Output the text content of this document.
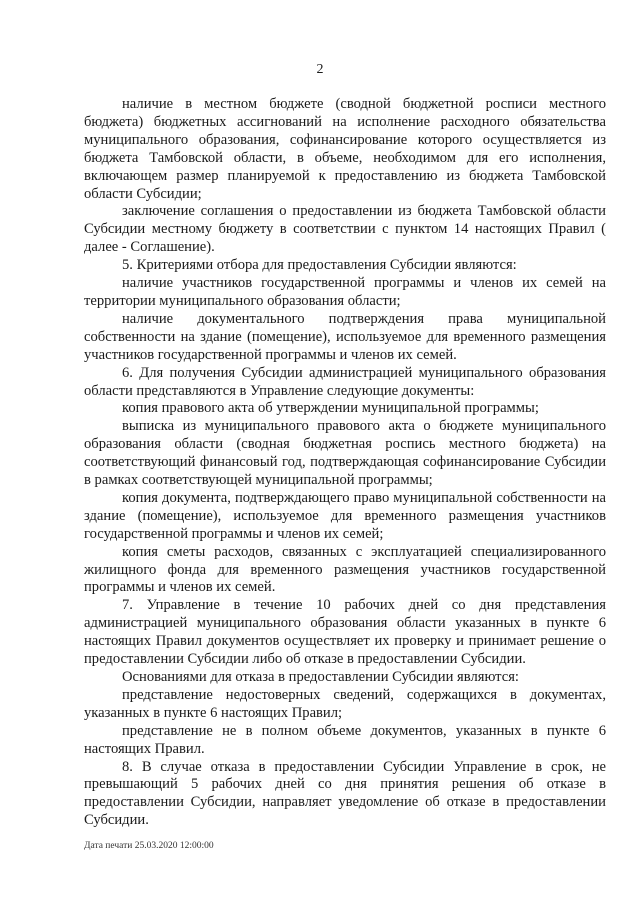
2

наличие в местном бюджете (сводной бюджетной росписи местного бюджета) бюджетных ассигнований на исполнение расходного обязательства муниципального образования, софинансирование которого осуществляется из бюджета Тамбовской области, в объеме, необходимом для его исполнения, включающем размер планируемой к предоставлению из бюджета Тамбовской области Субсидии;

заключение соглашения о предоставлении из бюджета Тамбовской области Субсидии местному бюджету в соответствии с пунктом 14 настоящих Правил ( далее - Соглашение).

5. Критериями отбора для предоставления Субсидии являются:

наличие участников государственной программы и членов их семей на территории муниципального образования области;

наличие документального подтверждения права муниципальной собственности на здание (помещение), используемое для временного размещения участников государственной программы и членов их семей.

6. Для получения Субсидии администрацией муниципального образования области представляются в Управление следующие документы:

копия правового акта об утверждении муниципальной программы;

выписка из муниципального правового акта о бюджете муниципального образования области (сводная бюджетная роспись местного бюджета) на соответствующий финансовый год, подтверждающая софинансирование Субсидии в рамках соответствующей муниципальной программы;

копия документа, подтверждающего право муниципальной собственности на здание (помещение), используемое для временного размещения участников государственной программы и членов их семей;

копия сметы расходов, связанных с эксплуатацией специализированного жилищного фонда для временного размещения участников государственной программы и членов их семей.

7. Управление в течение 10 рабочих дней со дня представления администрацией муниципального образования области указанных в пункте 6 настоящих Правил документов осуществляет их проверку и принимает решение о предоставлении Субсидии либо об отказе в предоставлении Субсидии.

Основаниями для отказа в предоставлении Субсидии являются:

представление недостоверных сведений, содержащихся в документах, указанных в пункте 6 настоящих Правил;

представление не в полном объеме документов, указанных в пункте 6 настоящих Правил.

8. В случае отказа в предоставлении Субсидии Управление в срок, не превышающий 5 рабочих дней со дня принятия решения об отказе в предоставлении Субсидии, направляет уведомление об отказе в предоставлении Субсидии.

Дата печати 25.03.2020 12:00:00
